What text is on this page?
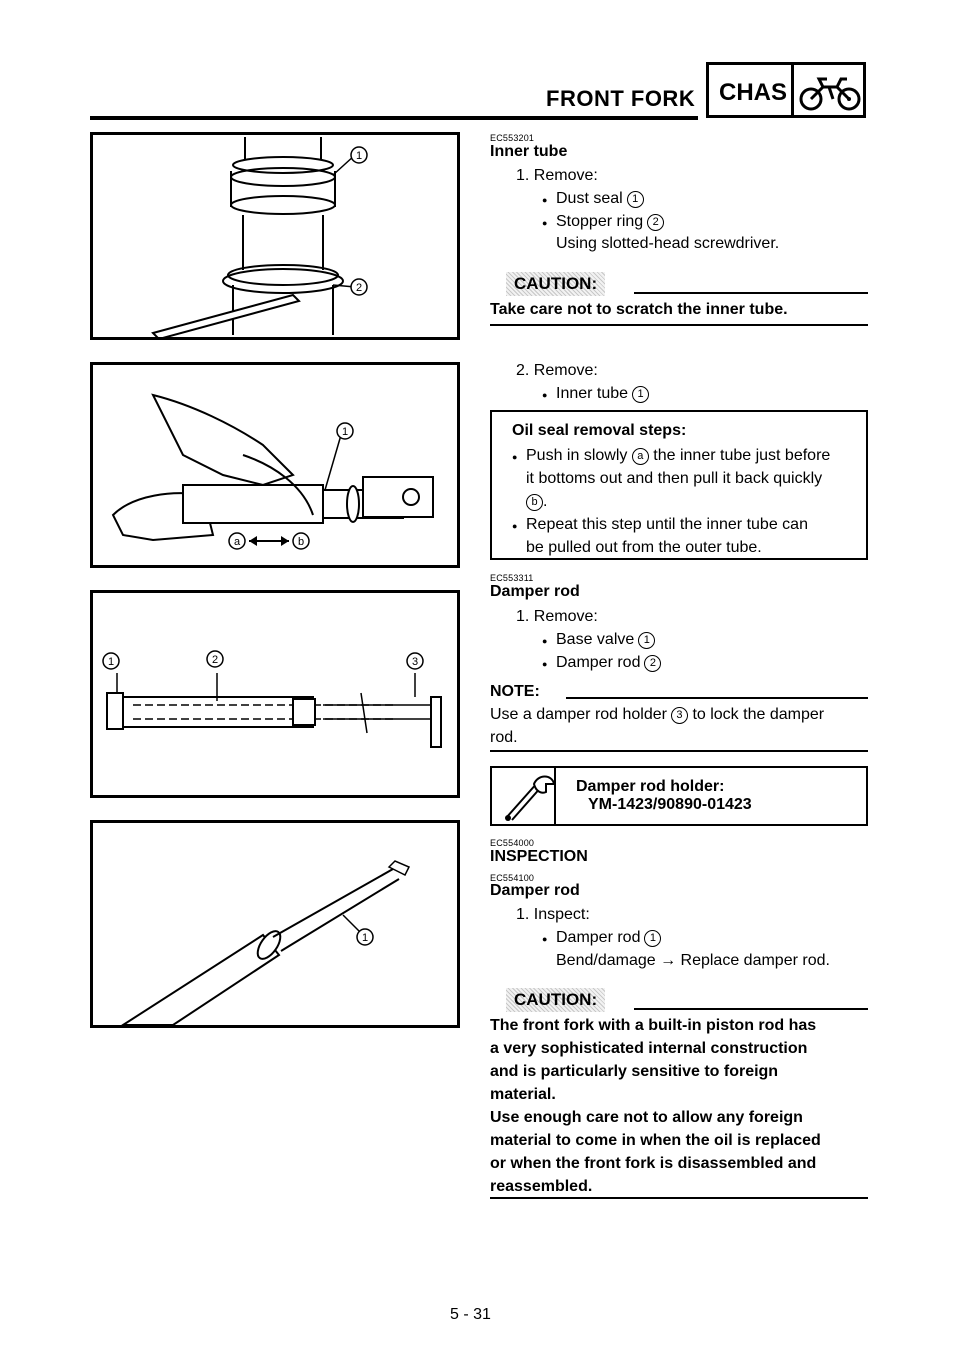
FRONT FORK CHAS
1
2
1
a	b
1	2	3
1
EC553201
Inner tube
1. Remove:
● Dust seal 1
● Stopper ring 2
Using slotted-head screwdriver.
CAUTION:
Take care not to scratch the inner tube.
2. Remove:
● Inner tube 1
Oil seal removal steps:
● Push in slowly a the inner tube just before
it bottoms out and then pull it back quickly
b .
● Repeat this step until the inner tube can
be pulled out from the outer tube.
EC553311
Damper rod
1. Remove:
● Base valve 1
● Damper rod 2
NOTE:
Use a damper rod holder 3 to lock the damper
rod.
Damper rod holder:
YM-1423/90890-01423
EC554000
INSPECTION
EC554100
Damper rod
1. Inspect:
● Damper rod 1
Bend/damage → Replace damper rod.
CAUTION:
The front fork with a built-in piston rod has
a very sophisticated internal construction
and is particularly sensitive to foreign
material.
Use enough care not to allow any foreign
material to come in when the oil is replaced
or when the front fork is disassembled and
reassembled.
5 - 31
